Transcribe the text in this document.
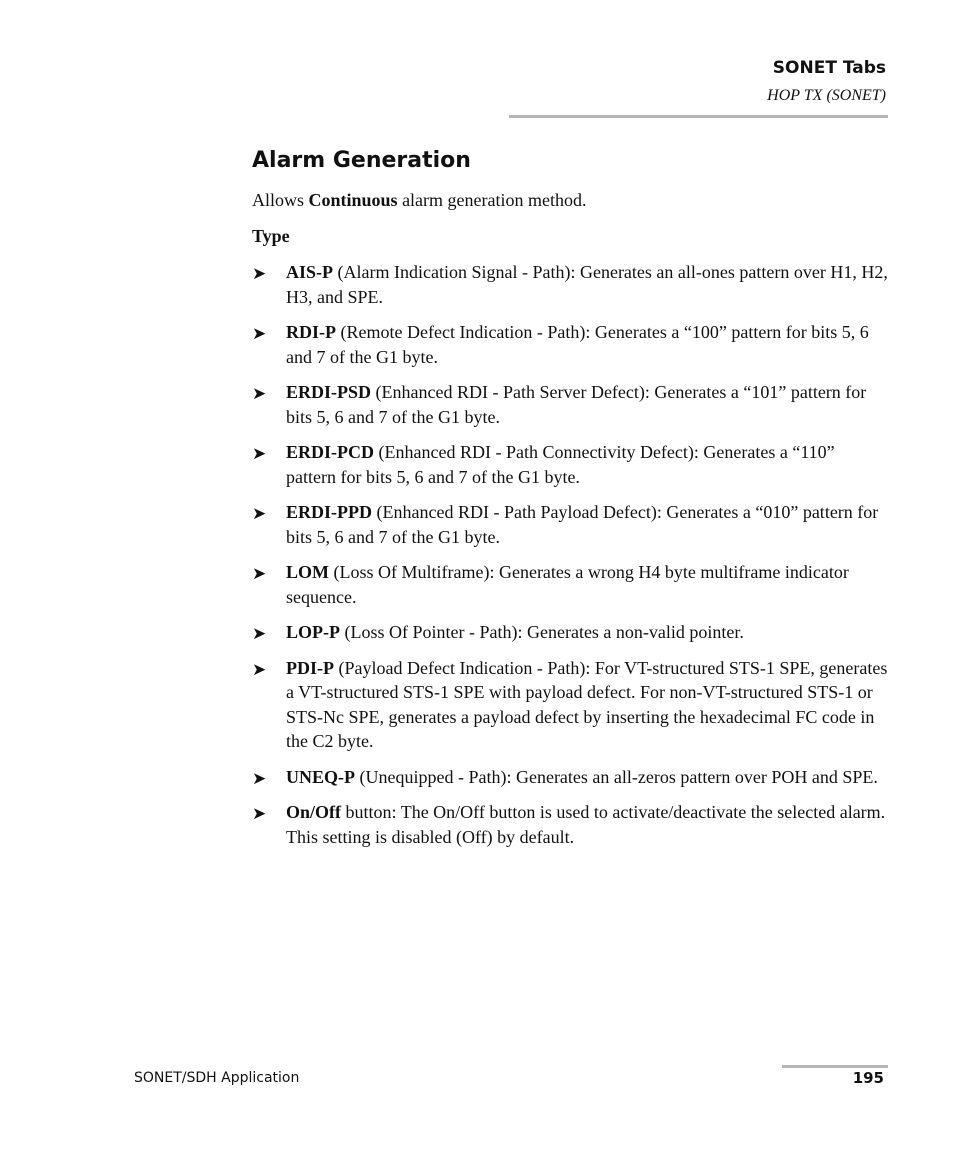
SONET Tabs
HOP TX (SONET)
Alarm Generation

Allows Continuous alarm generation method.

Type
➤ AIS-P (Alarm Indication Signal - Path): Generates an all-ones pattern over H1, H2, H3, and SPE.
➤ RDI-P (Remote Defect Indication - Path): Generates a “100” pattern for bits 5, 6 and 7 of the G1 byte.
➤ ERDI-PSD (Enhanced RDI - Path Server Defect): Generates a “101” pattern for bits 5, 6 and 7 of the G1 byte.
➤ ERDI-PCD (Enhanced RDI - Path Connectivity Defect): Generates a “110” pattern for bits 5, 6 and 7 of the G1 byte.
➤ ERDI-PPD (Enhanced RDI - Path Payload Defect): Generates a “010” pattern for bits 5, 6 and 7 of the G1 byte.
➤ LOM (Loss Of Multiframe): Generates a wrong H4 byte multiframe indicator sequence.
➤ LOP-P (Loss Of Pointer - Path): Generates a non-valid pointer.
➤ PDI-P (Payload Defect Indication - Path): For VT-structured STS-1 SPE, generates a VT-structured STS-1 SPE with payload defect. For non-VT-structured STS-1 or STS-Nc SPE, generates a payload defect by inserting the hexadecimal FC code in the C2 byte.
➤ UNEQ-P (Unequipped - Path): Generates an all-zeros pattern over POH and SPE.
➤ On/Off button: The On/Off button is used to activate/deactivate the selected alarm. This setting is disabled (Off) by default.
SONET/SDH Application	195
